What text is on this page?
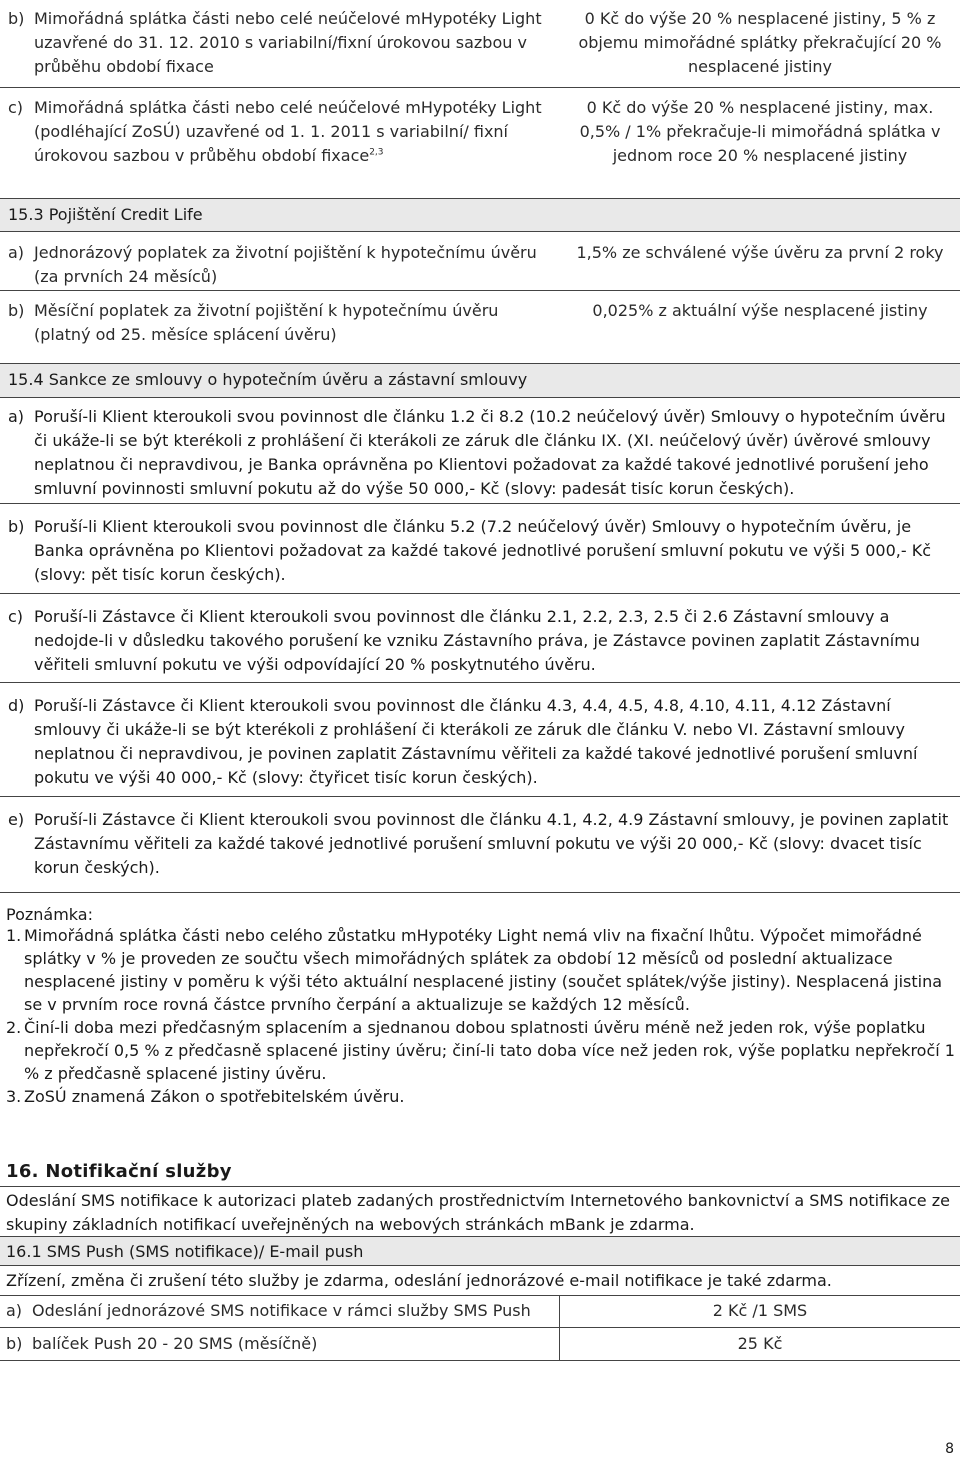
b) Mimořádná splátka části nebo celé neúčelové mHypotéky Light uzavřené do 31. 12. 2010 s variabilní/fixní úrokovou sazbou v průběhu období fixace
0 Kč do výše 20 % nesplacené jistiny, 5 % z objemu mimořádné splátky překračující 20 % nesplacené jistiny
c) Mimořádná splátka části nebo celé neúčelové mHypotéky Light (podléhající ZoSÚ) uzavřené od 1. 1. 2011 s variabilní/ fixní úrokovou sazbou v průběhu období fixace$^{2,3}$
0 Kč do výše 20 % nesplacené jistiny, max. 0,5% / 1% překračuje-li mimořádná splátka v jednom roce 20 % nesplacené jistiny
15.3 Pojištění Credit Life
a) Jednorázový poplatek za životní pojištění k hypotečnímu úvěru (za prvních 24 měsíců)
1,5% ze schválené výše úvěru za první 2 roky
b) Měsíční poplatek za životní pojištění k hypotečnímu úvěru (platný od 25. měsíce splácení úvěru)
0,025% z aktuální výše nesplacené jistiny
15.4 Sankce ze smlouvy o hypotečním úvěru a zástavní smlouvy
a) Poruší-li Klient kteroukoli svou povinnost dle článku 1.2 či 8.2 (10.2 neúčelový úvěr) Smlouvy o hypotečním úvěru či ukáže-li se být kterékoli z prohlášení či kterákoli ze záruk dle článku IX. (XI. neúčelový úvěr) úvěrové smlouvy neplatnou či nepravdivou, je Banka oprávněna po Klientovi požadovat za každé takové jednotlivé porušení jeho smluvní povinnosti smluvní pokutu až do výše 50 000,- Kč (slovy: padesát tisíc korun českých).
b) Poruší-li Klient kteroukoli svou povinnost dle článku 5.2 (7.2 neúčelový úvěr) Smlouvy o hypotečním úvěru, je Banka oprávněna po Klientovi požadovat za každé takové jednotlivé porušení smluvní pokutu ve výši 5 000,- Kč (slovy: pět tisíc korun českých).
c) Poruší-li Zástavce či Klient kteroukoli svou povinnost dle článku 2.1, 2.2, 2.3, 2.5 či 2.6 Zástavní smlouvy a nedojde-li v důsledku takového porušení ke vzniku Zástavního práva, je Zástavce povinen zaplatit Zástavnímu věřiteli smluvní pokutu ve výši odpovídající 20 % poskytnutého úvěru.
d) Poruší-li Zástavce či Klient kteroukoli svou povinnost dle článku 4.3, 4.4, 4.5, 4.8, 4.10, 4.11, 4.12 Zástavní smlouvy či ukáže-li se být kterékoli z prohlášení či kterákoli ze záruk dle článku V. nebo VI. Zástavní smlouvy neplatnou či nepravdivou, je povinen zaplatit Zástavnímu věřiteli za každé takové jednotlivé porušení smluvní pokutu ve výši 40 000,- Kč (slovy: čtyřicet tisíc korun českých).
e) Poruší-li Zástavce či Klient kteroukoli svou povinnost dle článku 4.1, 4.2, 4.9 Zástavní smlouvy, je povinen zaplatit Zástavnímu věřiteli za každé takové jednotlivé porušení smluvní pokutu ve výši 20 000,- Kč (slovy: dvacet tisíc korun českých).
Poznámka:
1. Mimořádná splátka části nebo celého zůstatku mHypotéky Light nemá vliv na fixační lhůtu. Výpočet mimořádné splátky v % je proveden ze součtu všech mimořádných splátek za období 12 měsíců od poslední aktualizace nesplacené jistiny v poměru k výši této aktuální nesplacené jistiny (součet splátek/výše jistiny). Nesplacená jistina se v prvním roce rovná částce prvního čerpání a aktualizuje se každých 12 měsíců.
2. Činí-li doba mezi předčasným splacením a sjednanou dobou splatnosti úvěru méně než jeden rok, výše poplatku nepřekročí 0,5 % z předčasně splacené jistiny úvěru; činí-li tato doba více než jeden rok, výše poplatku nepřekročí 1 % z předčasně splacené jistiny úvěru.
3. ZoSÚ znamená Zákon o spotřebitelském úvěru.
16. Notifikační služby
Odeslání SMS notifikace k autorizaci plateb zadaných prostřednictvím Internetového bankovnictví a SMS notifikace ze skupiny základních notifikací uveřejněných na webových stránkách mBank je zdarma.
16.1 SMS Push (SMS notifikace)/ E-mail push
Zřízení, změna či zrušení této služby je zdarma, odeslání jednorázové e-mail notifikace je také zdarma.
a) Odeslání jednorázové SMS notifikace v rámci služby SMS Push	2 Kč /1 SMS
b) balíček Push 20 - 20 SMS (měsíčně)	25 Kč
8
